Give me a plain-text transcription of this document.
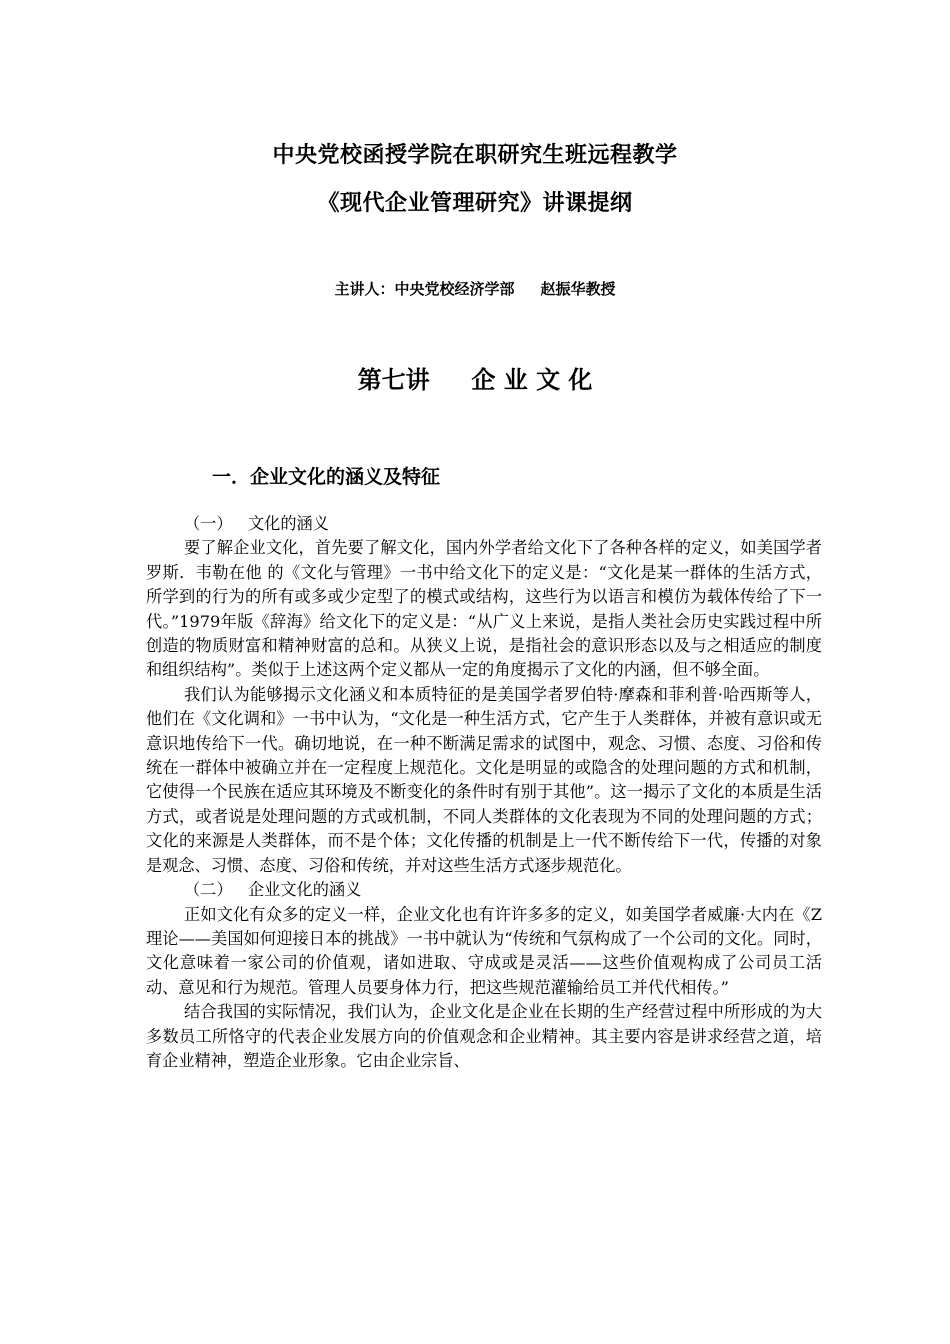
中央党校函授学院在职研究生班远程教学
《现代企业管理研究》讲课提纲
主讲人：中央党校经济学部 赵振华教授
第七讲     企 业 文 化
一．企业文化的涵义及特征
（一）   文化的涵义
要了解企业文化，首先要了解文化，国内外学者给文化下了各种各样的定义，如美国学者罗斯．韦勒在他 的《文化与管理》一书中给文化下的定义是：“文化是某一群体的生活方式，所学到的行为的所有或多或少定型了的模式或结构，这些行为以语言和模仿为载体传给了下一代。”1979年版《辞海》给文化下的定义是：“从广义上来说，是指人类社会历史实践过程中所创造的物质财富和精神财富的总和。从狭义上说，是指社会的意识形态以及与之相适应的制度和组织结构”。类似于上述这两个定义都从一定的角度揭示了文化的内涵，但不够全面。
我们认为能够揭示文化涵义和本质特征的是美国学者罗伯特·摩森和菲利普·哈西斯等人，他们在《文化调和》一书中认为，“文化是一种生活方式，它产生于人类群体，并被有意识或无意识地传给下一代。确切地说，在一种不断满足需求的试图中，观念、习惯、态度、习俗和传统在一群体中被确立并在一定程度上规范化。文化是明显的或隐含的处理问题的方式和机制，它使得一个民族在适应其环境及不断变化的条件时有别于其他”。这一揭示了文化的本质是生活方式，或者说是处理问题的方式或机制，不同人类群体的文化表现为不同的处理问题的方式；文化的来源是人类群体，而不是个体；文化传播的机制是上一代不断传给下一代，传播的对象是观念、习惯、态度、习俗和传统，并对这些生活方式逐步规范化。
（二）   企业文化的涵义
正如文化有众多的定义一样，企业文化也有许许多多的定义，如美国学者威廉·大内在《Z理论——美国如何迎接日本的挑战》一书中就认为“传统和气氛构成了一个公司的文化。同时，文化意味着一家公司的价值观，诸如进取、守成或是灵活——这些价值观构成了公司员工活动、意见和行为规范。管理人员要身体力行，把这些规范灌输给员工并代代相传。”
结合我国的实际情况，我们认为，企业文化是企业在长期的生产经营过程中所形成的为大多数员工所恪守的代表企业发展方向的价值观念和企业精神。其主要内容是讲求经营之道，培育企业精神，塑造企业形象。它由企业宗旨、
